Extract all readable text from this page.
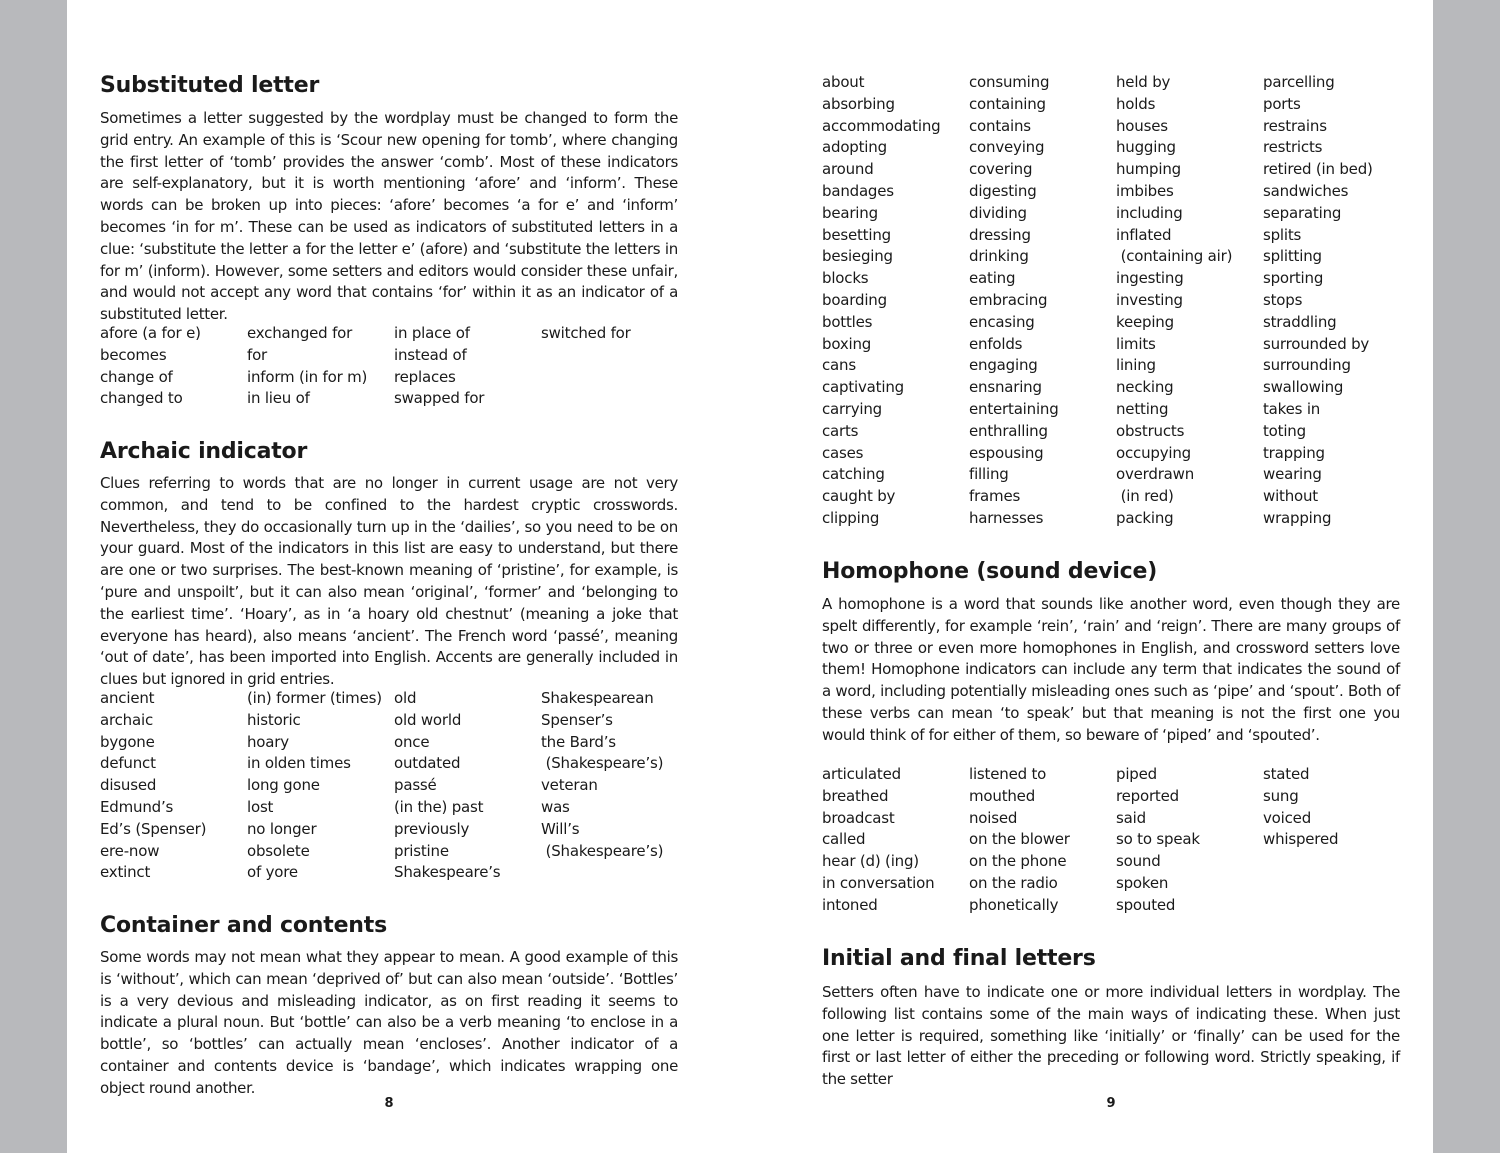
Substituted letter

Sometimes a letter suggested by the wordplay must be changed to form the grid entry. An example of this is ‘Scour new opening for tomb’, where changing the first letter of ‘tomb’ provides the answer ‘comb’. Most of these indicators are self-explanatory, but it is worth mentioning ‘afore’ and ‘inform’. These words can be broken up into pieces: ‘afore’ becomes ‘a for e’ and ‘inform’ becomes ‘in for m’. These can be used as indicators of substituted letters in a clue: ‘substitute the letter a for the letter e’ (afore) and ‘substitute the letters in for m’ (inform). However, some setters and editors would consider these unfair, and would not accept any word that contains ‘for’ within it as an indicator of a substituted letter.

afore (a for e)
becomes
change of
changed to
exchanged for
for
inform (in for m)
in lieu of
in place of
instead of
replaces
swapped for
switched for
Archaic indicator

Clues referring to words that are no longer in current usage are not very common, and tend to be confined to the hardest cryptic crosswords. Nevertheless, they do occasionally turn up in the ‘dailies’, so you need to be on your guard. Most of the indicators in this list are easy to understand, but there are one or two surprises. The best-known meaning of ‘pristine’, for example, is ‘pure and unspoilt’, but it can also mean ‘original’, ‘former’ and ‘belonging to the earliest time’. ‘Hoary’, as in ‘a hoary old chestnut’ (meaning a joke that everyone has heard), also means ‘ancient’. The French word ‘passé’, meaning ‘out of date’, has been imported into English. Accents are generally included in clues but ignored in grid entries.

ancient
archaic
bygone
defunct
disused
Edmund’s
Ed’s (Spenser)
ere-now
extinct
(in) former (times)
historic
hoary
in olden times
long gone
lost
no longer
obsolete
of yore
old
old world
once
outdated
passé
(in the) past
previously
pristine
Shakespeare’s
Shakespearean
Spenser’s
the Bard’s
(Shakespeare’s)
veteran
was
Will’s
(Shakespeare’s)
Container and contents

Some words may not mean what they appear to mean. A good example of this is ‘without’, which can mean ‘deprived of’ but can also mean ‘outside’. ‘Bottles’ is a very devious and misleading indicator, as on first reading it seems to indicate a plural noun. But ‘bottle’ can also be a verb meaning ‘to enclose in a bottle’, so ‘bottles’ can actually mean ‘encloses’. Another indicator of a container and contents device is ‘bandage’, which indicates wrapping one object round another.

8
about
absorbing
accommodating
adopting
around
bandages
bearing
besetting
besieging
blocks
boarding
bottles
boxing
cans
captivating
carrying
carts
cases
catching
caught by
clipping
consuming
containing
contains
conveying
covering
digesting
dividing
dressing
drinking
eating
embracing
encasing
enfolds
engaging
ensnaring
entertaining
enthralling
espousing
filling
frames
harnesses
held by
holds
houses
hugging
humping
imbibes
including
inflated
(containing air)
ingesting
investing
keeping
limits
lining
necking
netting
obstructs
occupying
overdrawn
(in red)
packing
parcelling
ports
restrains
restricts
retired (in bed)
sandwiches
separating
splits
splitting
sporting
stops
straddling
surrounded by
surrounding
swallowing
takes in
toting
trapping
wearing
without
wrapping
Homophone (sound device)

A homophone is a word that sounds like another word, even though they are spelt differently, for example ‘rein’, ‘rain’ and ‘reign’. There are many groups of two or three or even more homophones in English, and crossword setters love them! Homophone indicators can include any term that indicates the sound of a word, including potentially misleading ones such as ‘pipe’ and ‘spout’. Both of these verbs can mean ‘to speak’ but that meaning is not the first one you would think of for either of them, so beware of ‘piped’ and ‘spouted’.

articulated
breathed
broadcast
called
hear (d) (ing)
in conversation
intoned
listened to
mouthed
noised
on the blower
on the phone
on the radio
phonetically
piped
reported
said
so to speak
sound
spoken
spouted
stated
sung
voiced
whispered
Initial and final letters

Setters often have to indicate one or more individual letters in wordplay. The following list contains some of the main ways of indicating these. When just one letter is required, something like ‘initially’ or ‘finally’ can be used for the first or last letter of either the preceding or following word. Strictly speaking, if the setter

9
